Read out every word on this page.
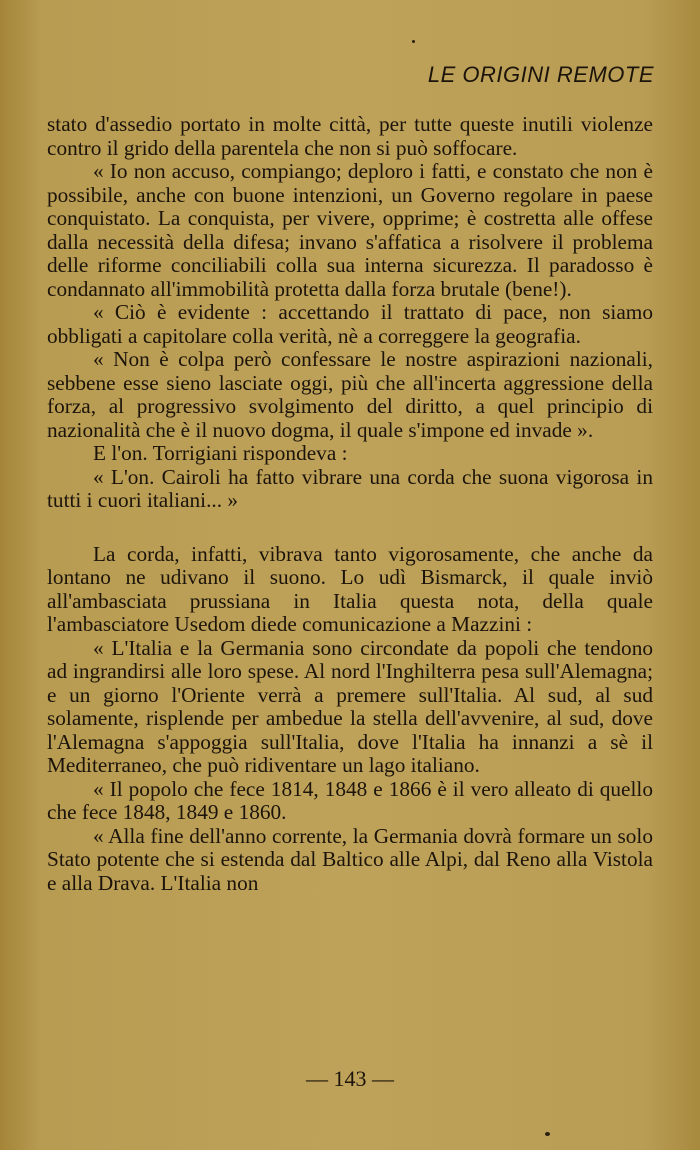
LE ORIGINI REMOTE

stato d'assedio portato in molte città, per tutte queste inutili violenze contro il grido della parentela che non si può soffocare.

« Io non accuso, compiango; deploro i fatti, e constato che non è possibile, anche con buone intenzioni, un Governo regolare in paese conquistato. La conquista, per vivere, opprime; è costretta alle offese dalla necessità della difesa; invano s'affatica a risolvere il problema delle riforme conciliabili colla sua interna sicurezza. Il paradosso è condannato all'immobilità protetta dalla forza brutale (bene!).

« Ciò è evidente : accettando il trattato di pace, non siamo obbligati a capitolare colla verità, nè a correggere la geografia.

« Non è colpa però confessare le nostre aspirazioni nazionali, sebbene esse sieno lasciate oggi, più che all'incerta aggressione della forza, al progressivo svolgimento del diritto, a quel principio di nazionalità che è il nuovo dogma, il quale s'impone ed invade ».

E l'on. Torrigiani rispondeva :

« L'on. Cairoli ha fatto vibrare una corda che suona vigorosa in tutti i cuori italiani... »

La corda, infatti, vibrava tanto vigorosamente, che anche da lontano ne udivano il suono. Lo udì Bismarck, il quale inviò all'ambasciata prussiana in Italia questa nota, della quale l'ambasciatore Usedom diede comunicazione a Mazzini :

« L'Italia e la Germania sono circondate da popoli che tendono ad ingrandirsi alle loro spese. Al nord l'Inghilterra pesa sull'Alemagna; e un giorno l'Oriente verrà a premere sull'Italia. Al sud, al sud solamente, risplende per ambedue la stella dell'avvenire, al sud, dove l'Alemagna s'appoggia sull'Italia, dove l'Italia ha innanzi a sè il Mediterraneo, che può ridiventare un lago italiano.

« Il popolo che fece 1814, 1848 e 1866 è il vero alleato di quello che fece 1848, 1849 e 1860.

« Alla fine dell'anno corrente, la Germania dovrà formare un solo Stato potente che si estenda dal Baltico alle Alpi, dal Reno alla Vistola e alla Drava. L'Italia non

— 143 —
